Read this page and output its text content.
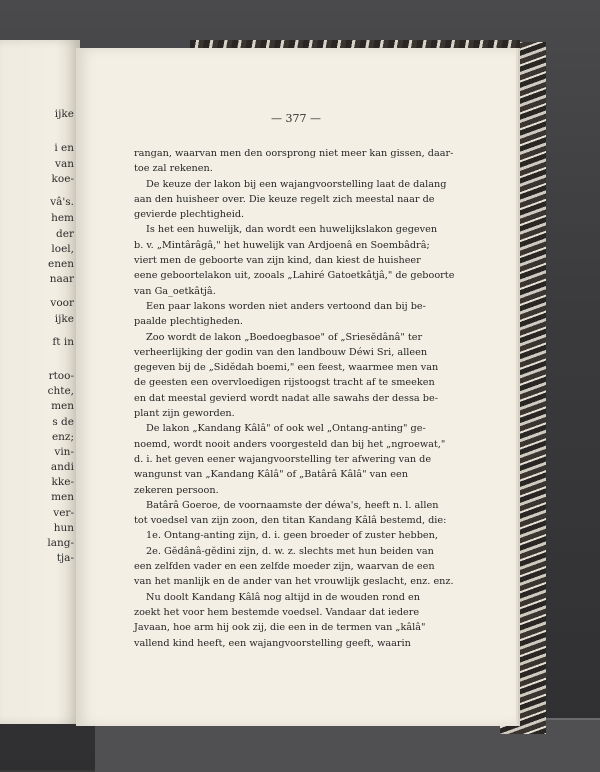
ijke
i en
van
koe-
vâ's.
hem
der
loel,
enen
naar
voor
ijke
ft in
rtoo-
chte,
men
s de
enz;
vin-
andi
kke-
men
ver-
hun
lang-
tja-
— 377 —
rangan, waarvan men den oorsprong niet meer kan gissen, daar-
toe zal rekenen.
De keuze der lakon bij een wajangvoorstelling laat de dalang
aan den huisheer over. Die keuze regelt zich meestal naar de
gevierde plechtigheid.
Is het een huwelijk, dan wordt een huwelijkslakon gegeven
b. v. „Mintârâgâ," het huwelijk van Ardjoenâ en Soembâdrâ;
viert men de geboorte van zijn kind, dan kiest de huisheer
eene geboortelakon uit, zooals „Lahiré Gatoetkâtjâ," de geboorte
van Ga_oetkâtjâ.
Een paar lakons worden niet anders vertoond dan bij be-
paalde plechtigheden.
Zoo wordt de lakon „Boedoegbasoe" of „Sriesĕdânâ" ter
verheerlijking der godin van den landbouw Déwi Sri, alleen
gegeven bij de „Sidĕdah boemi," een feest, waarmee men van
de geesten een overvloedigen rijstoogst tracht af te smeeken
en dat meestal gevierd wordt nadat alle sawahs der dessa be-
plant zijn geworden.
De lakon „Kandang Kâlâ" of ook wel „Ontang-anting" ge-
noemd, wordt nooit anders voorgesteld dan bij het „ngroewat,"
d. i. het geven eener wajangvoorstelling ter afwering van de
wangunst van „Kandang Kâlâ" of „Batârâ Kâlâ" van een
zekeren persoon.
Batârâ Goeroe, de voornaamste der déwa's, heeft n. l. allen
tot voedsel van zijn zoon, den titan Kandang Kâlâ bestemd, die:
1e. Ontang-anting zijn, d. i. geen broeder of zuster hebben,
2e. Gĕdânâ-gĕdini zijn, d. w. z. slechts met hun beiden van
een zelfden vader en een zelfde moeder zijn, waarvan de een
van het manlijk en de ander van het vrouwlijk geslacht, enz. enz.
Nu doolt Kandang Kâlâ nog altijd in de wouden rond en
zoekt het voor hem bestemde voedsel. Vandaar dat iedere
Javaan, hoe arm hij ook zij, die een in de termen van „kâlâ"
vallend kind heeft, een wajangvoorstelling geeft, waarin
